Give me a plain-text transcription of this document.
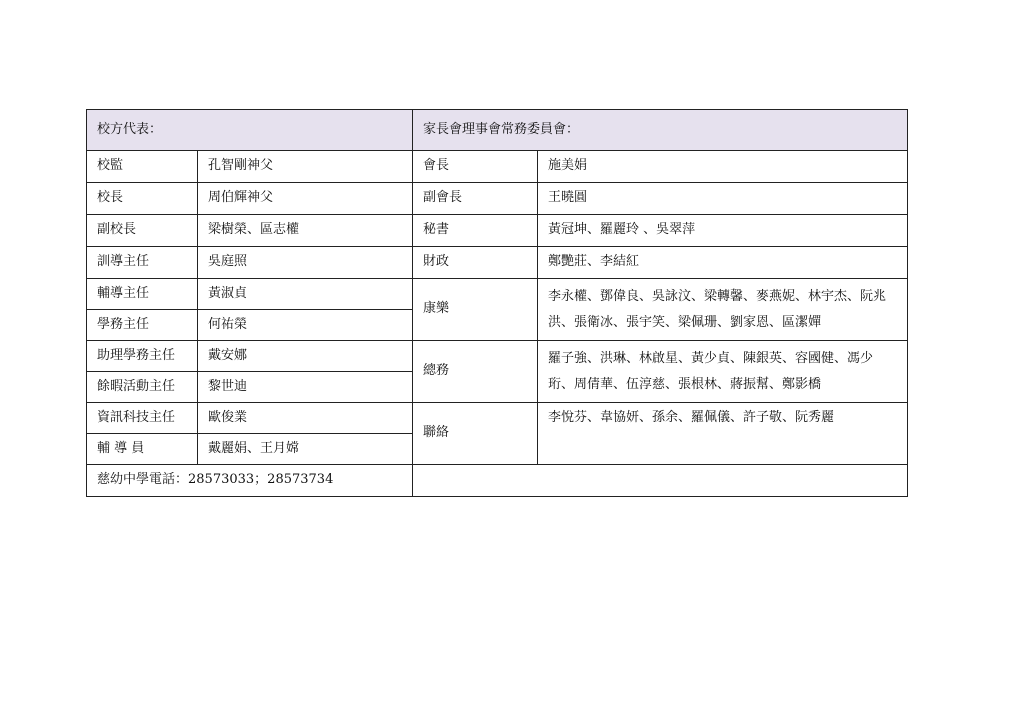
校方代表：		家長會理事會常務委員會：	
校監	孔智剛神父	會長	施美娟
校長	周伯輝神父	副會長	王曉圓
副校長	梁樹榮、區志權	秘書	黃冠坤、羅麗玲 、吳翠萍
訓導主任	吳庭照	財政	鄭艷莊、李結紅
輔導主任	黃淑貞	康樂	李永權、鄧偉良、吳詠汶、梁轉馨、麥燕妮、林宇杰、阮兆洪、張衛冰、張宇笑、梁佩珊、劉家恩、區潔嬋
學務主任	何祐榮		
助理學務主任	戴安娜	總務	羅子強、洪琳、林啟星、黃少貞、陳銀英、容國健、馮少珩、周倩華、伍淳慈、張根林、蔣振幫、鄭影橋
餘暇活動主任	黎世迪		
資訊科技主任	歐俊業	聯絡	李悅芬、韋協妍、孫余、羅佩儀、許子敬、阮秀麗
輔 導 員	戴麗娟、王月嫦		
慈幼中學電話：28573033；28573734			
